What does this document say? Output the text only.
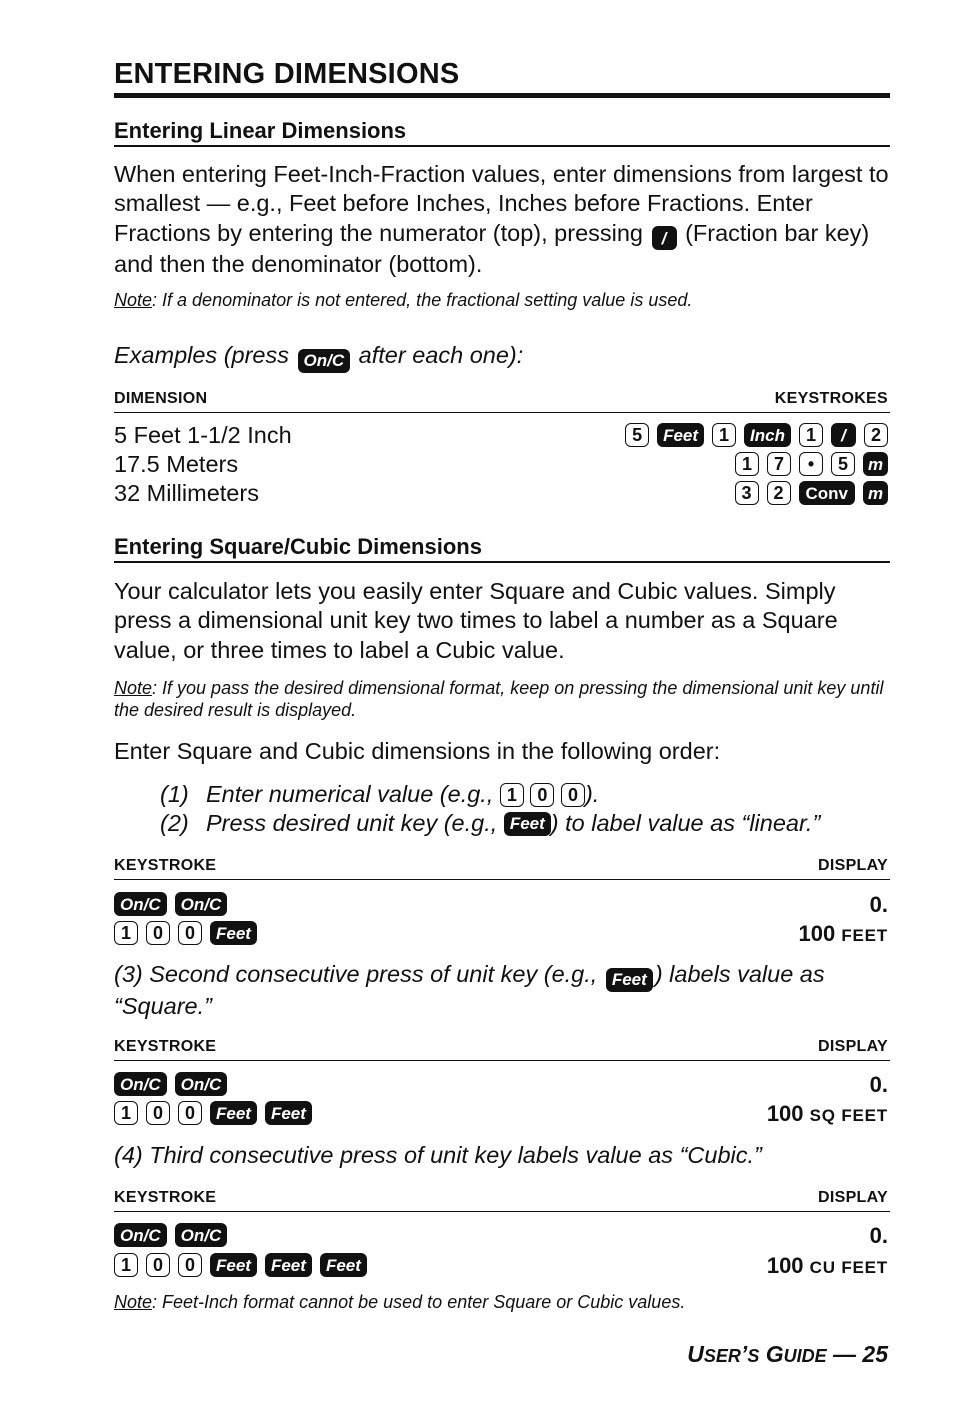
ENTERING DIMENSIONS
Entering Linear Dimensions

When entering Feet-Inch-Fraction values, enter dimensions from largest to smallest — e.g., Feet before Inches, Inches before Fractions. Enter Fractions by entering the numerator (top), pressing / (Fraction bar key) and then the denominator (bottom).

Note: If a denominator is not entered, the fractional setting value is used.

Examples (press On/C after each one):
DIMENSION	KEYSTROKES
5 Feet 1-1/2 Inch	5	Feet	1	Inch	1	/	2
17.5 Meters	1	7	•	5	m
32 Millimeters	3	2	Conv	m
Entering Square/Cubic Dimensions

Your calculator lets you easily enter Square and Cubic values. Simply press a dimensional unit key two times to label a number as a Square value, or three times to label a Cubic value.

Note: If you pass the desired dimensional format, keep on pressing the dimensional unit key until the desired result is displayed.

Enter Square and Cubic dimensions in the following order:

(1) Enter numerical value (e.g.,
1
	0
	0 ).
(2) Press desired unit key (e.g.,
Feet ) to label value as “linear.”
KEYSTROKE	DISPLAY
On/C	On/C	0.
1	0	0	Feet	100 FEET

(3) Second consecutive press of unit key (e.g., Feet ) labels value as “Square.”

KEYSTROKE	DISPLAY
On/C	On/C	0.
1	0	0	Feet	Feet	100 SQ FEET

(4) Third consecutive press of unit key labels value as “Cubic.”

KEYSTROKE	DISPLAY
On/C	On/C	0.
1	0	0	Feet	Feet	Feet	100 CU FEET

Note: Feet-Inch format cannot be used to enter Square or Cubic values.

USER’S GUIDE — 25
